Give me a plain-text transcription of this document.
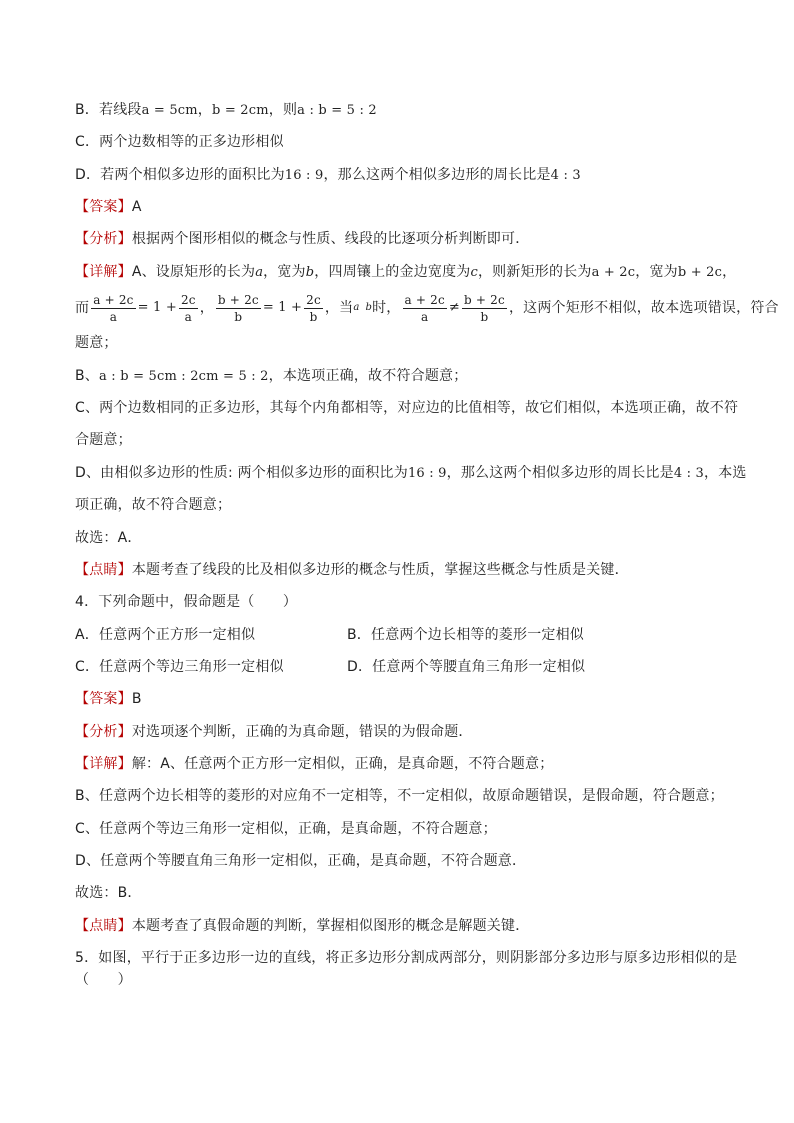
B．若线段a = 5cm，b = 2cm，则a : b = 5 : 2
C．两个边数相等的正多边形相似
D．若两个相似多边形的面积比为16 : 9，那么这两个相似多边形的周长比是4 : 3
【答案】A
【分析】根据两个图形相似的概念与性质、线段的比逐项分析判断即可．
【详解】A、设原矩形的长为a，宽为b，四周镶上的金边宽度为c，则新矩形的长为a + 2c，宽为b + 2c，
而 $\frac{a + 2c}{a} = 1 + \frac{2c}{a}$ ， $\frac{b + 2c}{b} = 1 + \frac{2c}{b}$ ，当 a b 时， $\frac{a + 2c}{a} \ne \frac{b + 2c}{b}$ ，这两个矩形不相似，故本选项错误，符合
题意；
B、a : b = 5cm : 2cm = 5 : 2，本选项正确，故不符合题意；
C、两个边数相同的正多边形，其每个内角都相等，对应边的比值相等，故它们相似，本选项正确，故不符
合题意；
D、由相似多边形的性质: 两个相似多边形的面积比为16 : 9，那么这两个相似多边形的周长比是4 : 3，本选
项正确，故不符合题意；
故选：A．
【点睛】本题考查了线段的比及相似多边形的概念与性质，掌握这些概念与性质是关键．
4．下列命题中，假命题是（　　）
A．任意两个正方形一定相似	B．任意两个边长相等的菱形一定相似
C．任意两个等边三角形一定相似	D．任意两个等腰直角三角形一定相似
【答案】B
【分析】对选项逐个判断，正确的为真命题，错误的为假命题．
【详解】解：A、任意两个正方形一定相似，正确，是真命题，不符合题意；
B、任意两个边长相等的菱形的对应角不一定相等，不一定相似，故原命题错误，是假命题，符合题意；
C、任意两个等边三角形一定相似，正确，是真命题，不符合题意；
D、任意两个等腰直角三角形一定相似，正确，是真命题，不符合题意．
故选：B．
【点睛】本题考查了真假命题的判断，掌握相似图形的概念是解题关键．
5．如图，平行于正多边形一边的直线，将正多边形分割成两部分，则阴影部分多边形与原多边形相似的是
（　　）
